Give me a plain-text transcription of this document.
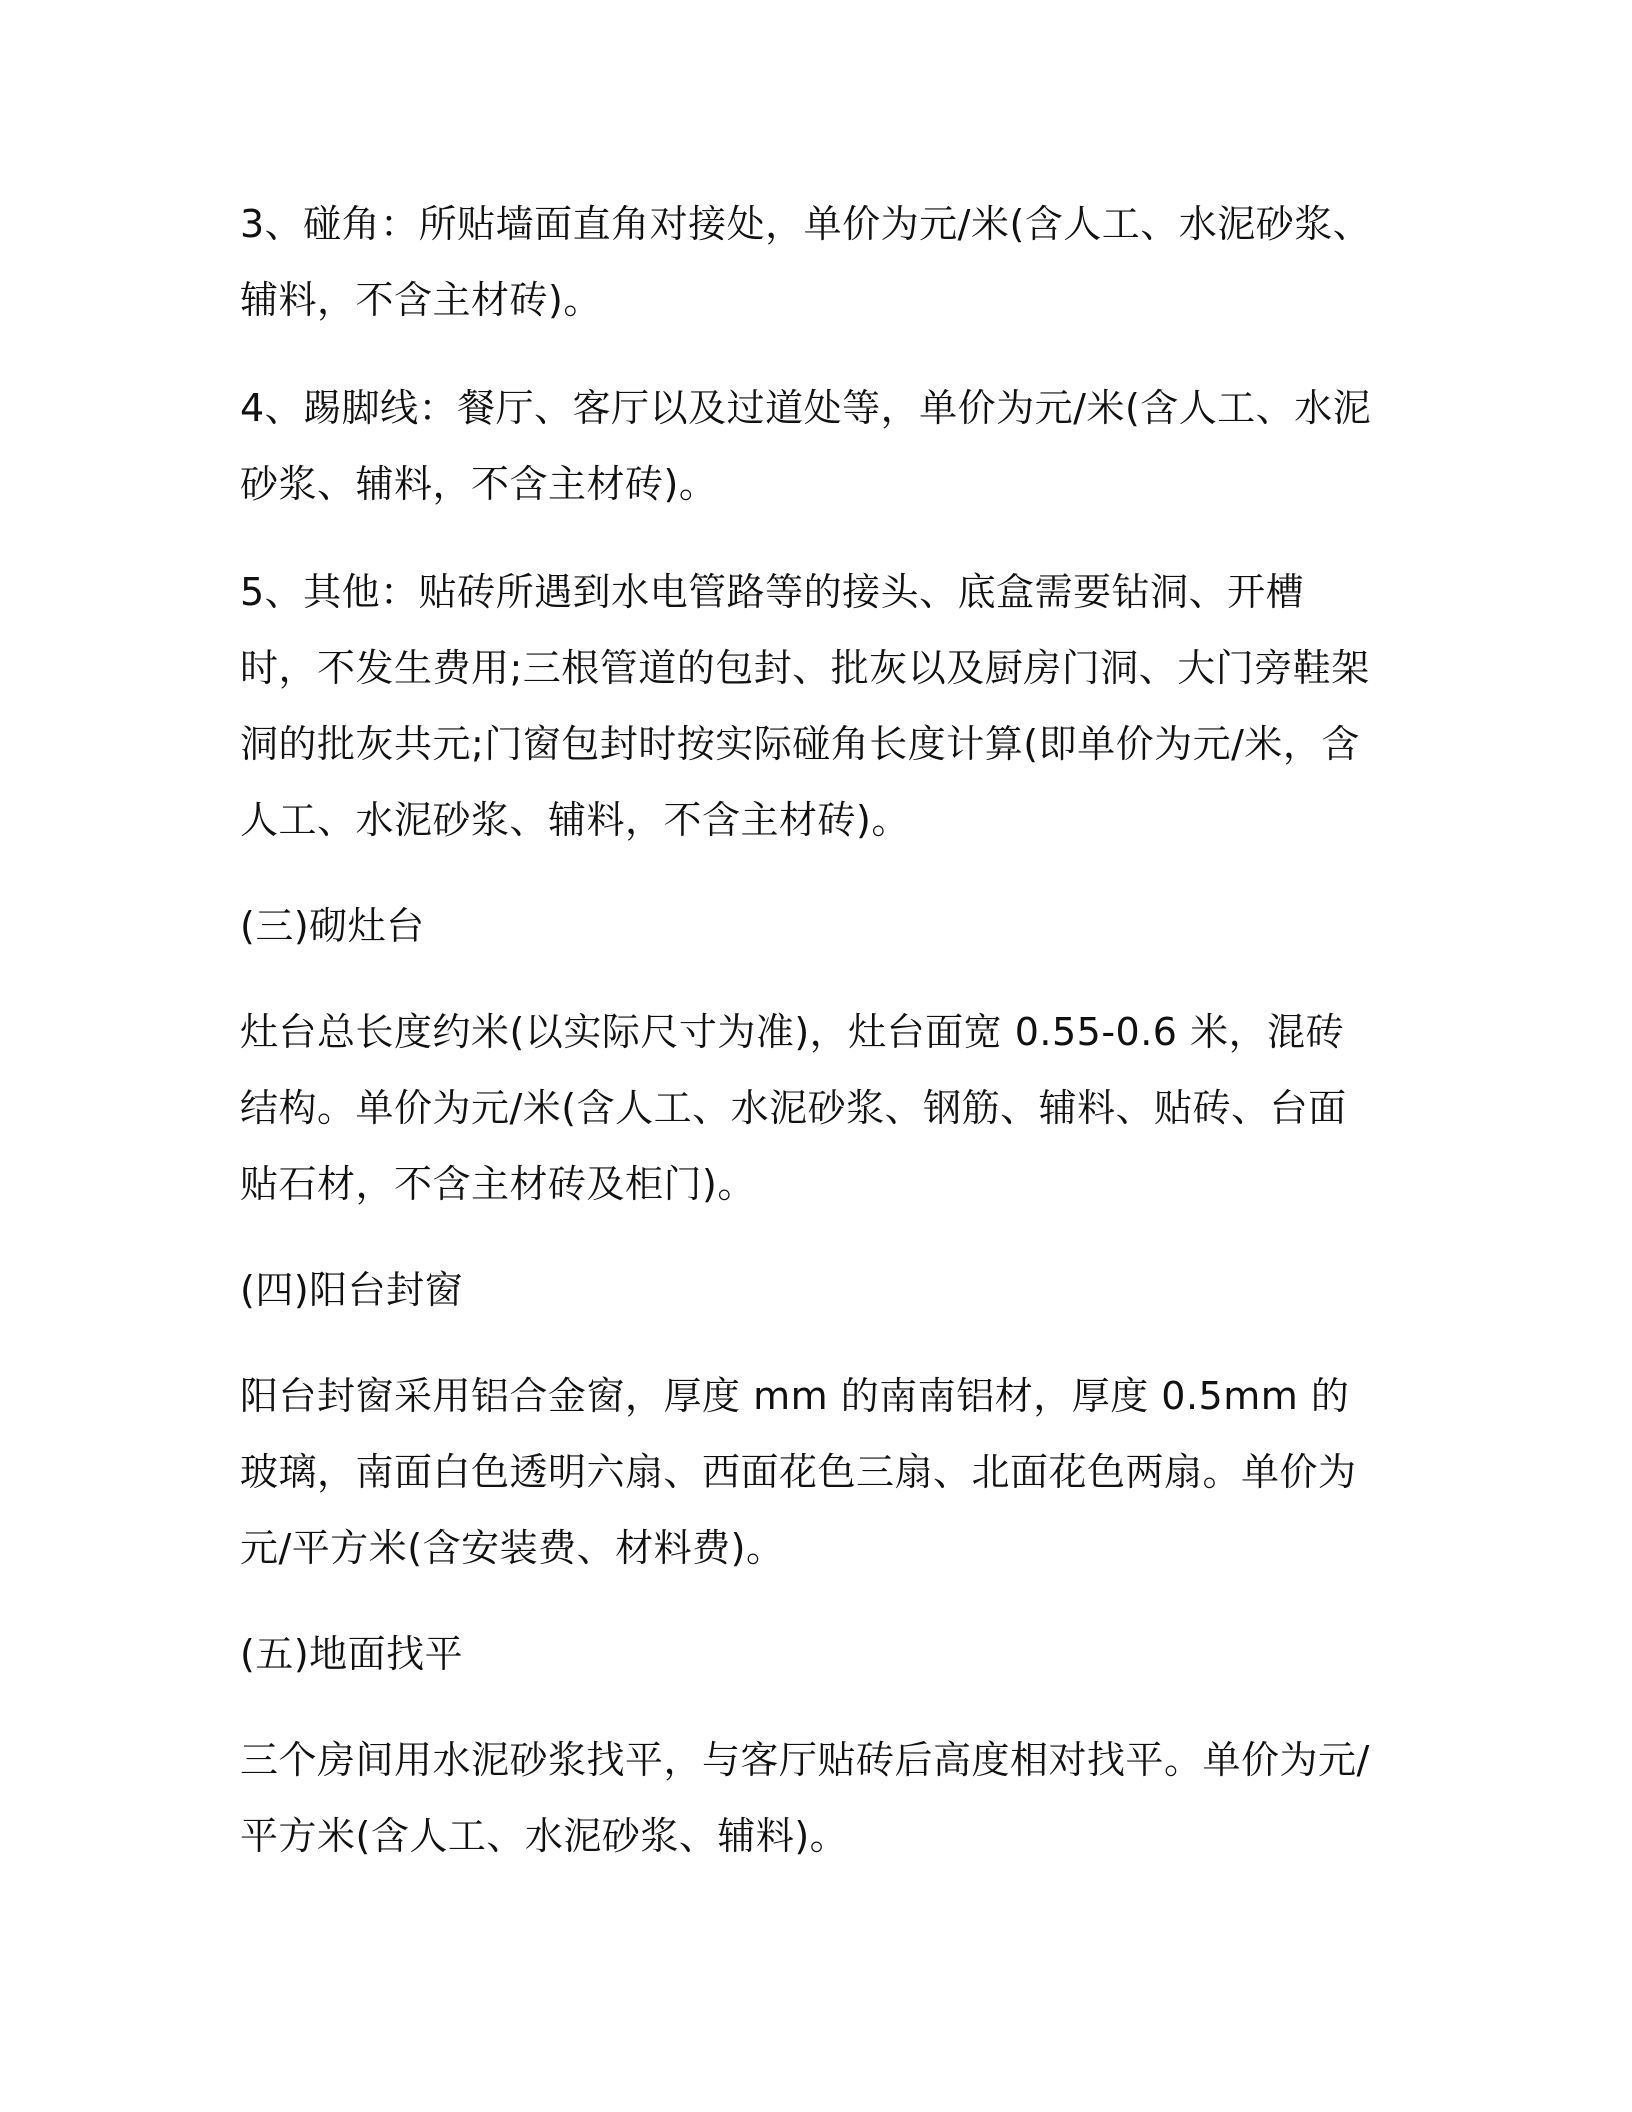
3、碰角：所贴墙面直角对接处，单价为元/米(含人工、水泥砂浆、辅料，不含主材砖)。

4、踢脚线：餐厅、客厅以及过道处等，单价为元/米(含人工、水泥砂浆、辅料，不含主材砖)。

5、其他：贴砖所遇到水电管路等的接头、底盒需要钻洞、开槽时，不发生费用;三根管道的包封、批灰以及厨房门洞、大门旁鞋架洞的批灰共元;门窗包封时按实际碰角长度计算(即单价为元/米，含人工、水泥砂浆、辅料，不含主材砖)。

(三)砌灶台

灶台总长度约米(以实际尺寸为准)，灶台面宽 0.55-0.6 米，混砖结构。单价为元/米(含人工、水泥砂浆、钢筋、辅料、贴砖、台面贴石材，不含主材砖及柜门)。

(四)阳台封窗

阳台封窗采用铝合金窗，厚度 mm 的南南铝材，厚度 0.5mm 的玻璃，南面白色透明六扇、西面花色三扇、北面花色两扇。单价为元/平方米(含安装费、材料费)。

(五)地面找平

三个房间用水泥砂浆找平，与客厅贴砖后高度相对找平。单价为元/平方米(含人工、水泥砂浆、辅料)。
